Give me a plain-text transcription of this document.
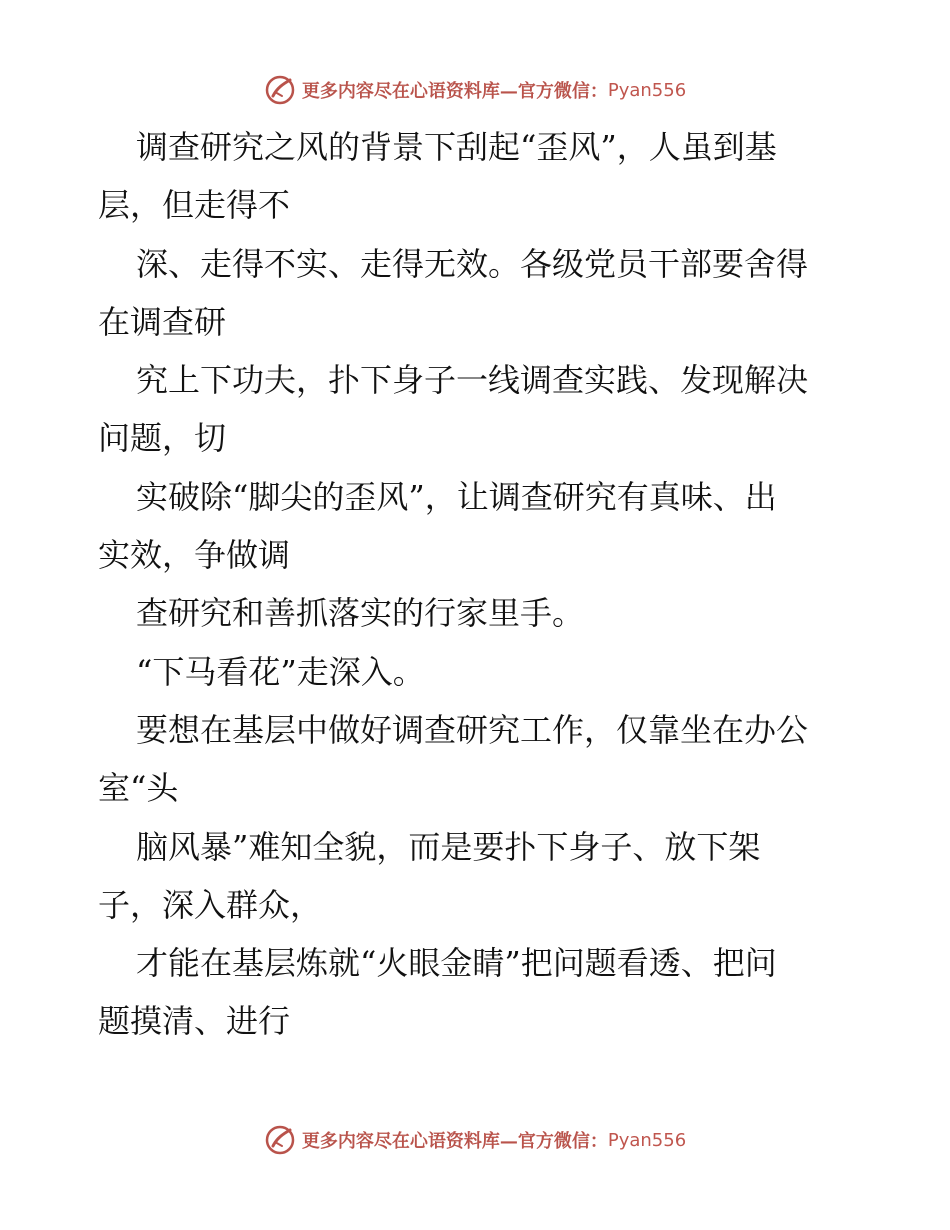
更多内容尽在心语资料库—官方微信： Pyan556
调查研究之风的背景下刮起“歪风”，人虽到基
层，但走得不
深、走得不实、走得无效。各级党员干部要舍得
在调查研
究上下功夫，扑下身子一线调查实践、发现解决
问题，切
实破除“脚尖的歪风”，让调查研究有真味、出
实效，争做调
查研究和善抓落实的行家里手。
“下马看花”走深入。
要想在基层中做好调查研究工作，仅靠坐在办公
室“头
脑风暴”难知全貌，而是要扑下身子、放下架
子，深入群众，
才能在基层炼就“火眼金睛”把问题看透、把问
题摸清、进行
更多内容尽在心语资料库—官方微信： Pyan556
